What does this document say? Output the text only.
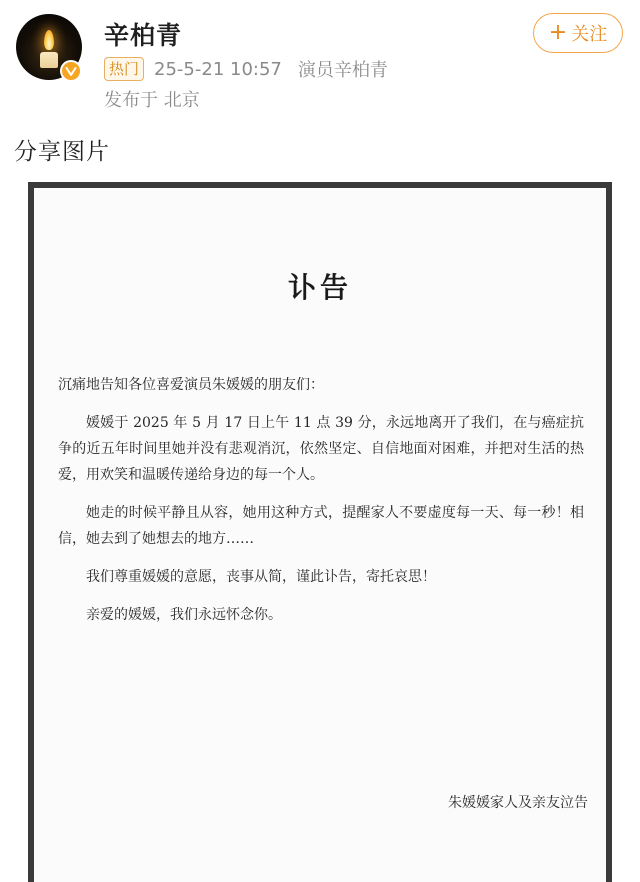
辛柏青
热门 25-5-21 10:57 演员辛柏青
发布于 北京
+ 关注
分享图片
讣告

沉痛地告知各位喜爱演员朱媛媛的朋友们：

媛媛于 2025 年 5 月 17 日上午 11 点 39 分，永远地离开了我们，在与癌症抗争的近五年时间里她并没有悲观消沉，依然坚定、自信地面对困难，并把对生活的热爱，用欢笑和温暖传递给身边的每一个人。

她走的时候平静且从容，她用这种方式，提醒家人不要虚度每一天、每一秒！相信，她去到了她想去的地方……

我们尊重媛媛的意愿，丧事从简，谨此讣告，寄托哀思！

亲爱的媛媛，我们永远怀念你。

朱媛媛家人及亲友泣告
